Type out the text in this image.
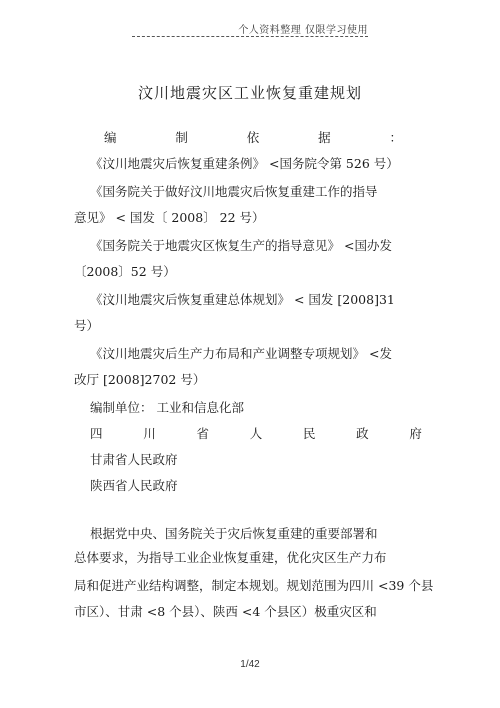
个人资料整理 仅限学习使用
汶川地震灾区工业恢复重建规划
编	制	依	据	：
《汶川地震灾后恢复重建条例》 <国务院令第 526 号）
《国务院关于做好汶川地震灾后恢复重建工作的指导
意见》 < 国发〔 2008〕 22 号）
《国务院关于地震灾区恢复生产的指导意见》 <国办发
〔2008〕52 号）
《汶川地震灾后恢复重建总体规划》 < 国发 [2008]31
号）
《汶川地震灾后生产力布局和产业调整专项规划》 <发
改厅 [2008]2702 号）
编制单位： 工业和信息化部
四	川	省	人	民	政	府
甘肃省人民政府
陕西省人民政府
根据党中央、国务院关于灾后恢复重建的重要部署和
总体要求，为指导工业企业恢复重建，优化灾区生产力布
局和促进产业结构调整，制定本规划。规划范围为四川 <39 个县
市区）、甘肃 <8 个县）、陕西 <4 个县区）极重灾区和
1/42
